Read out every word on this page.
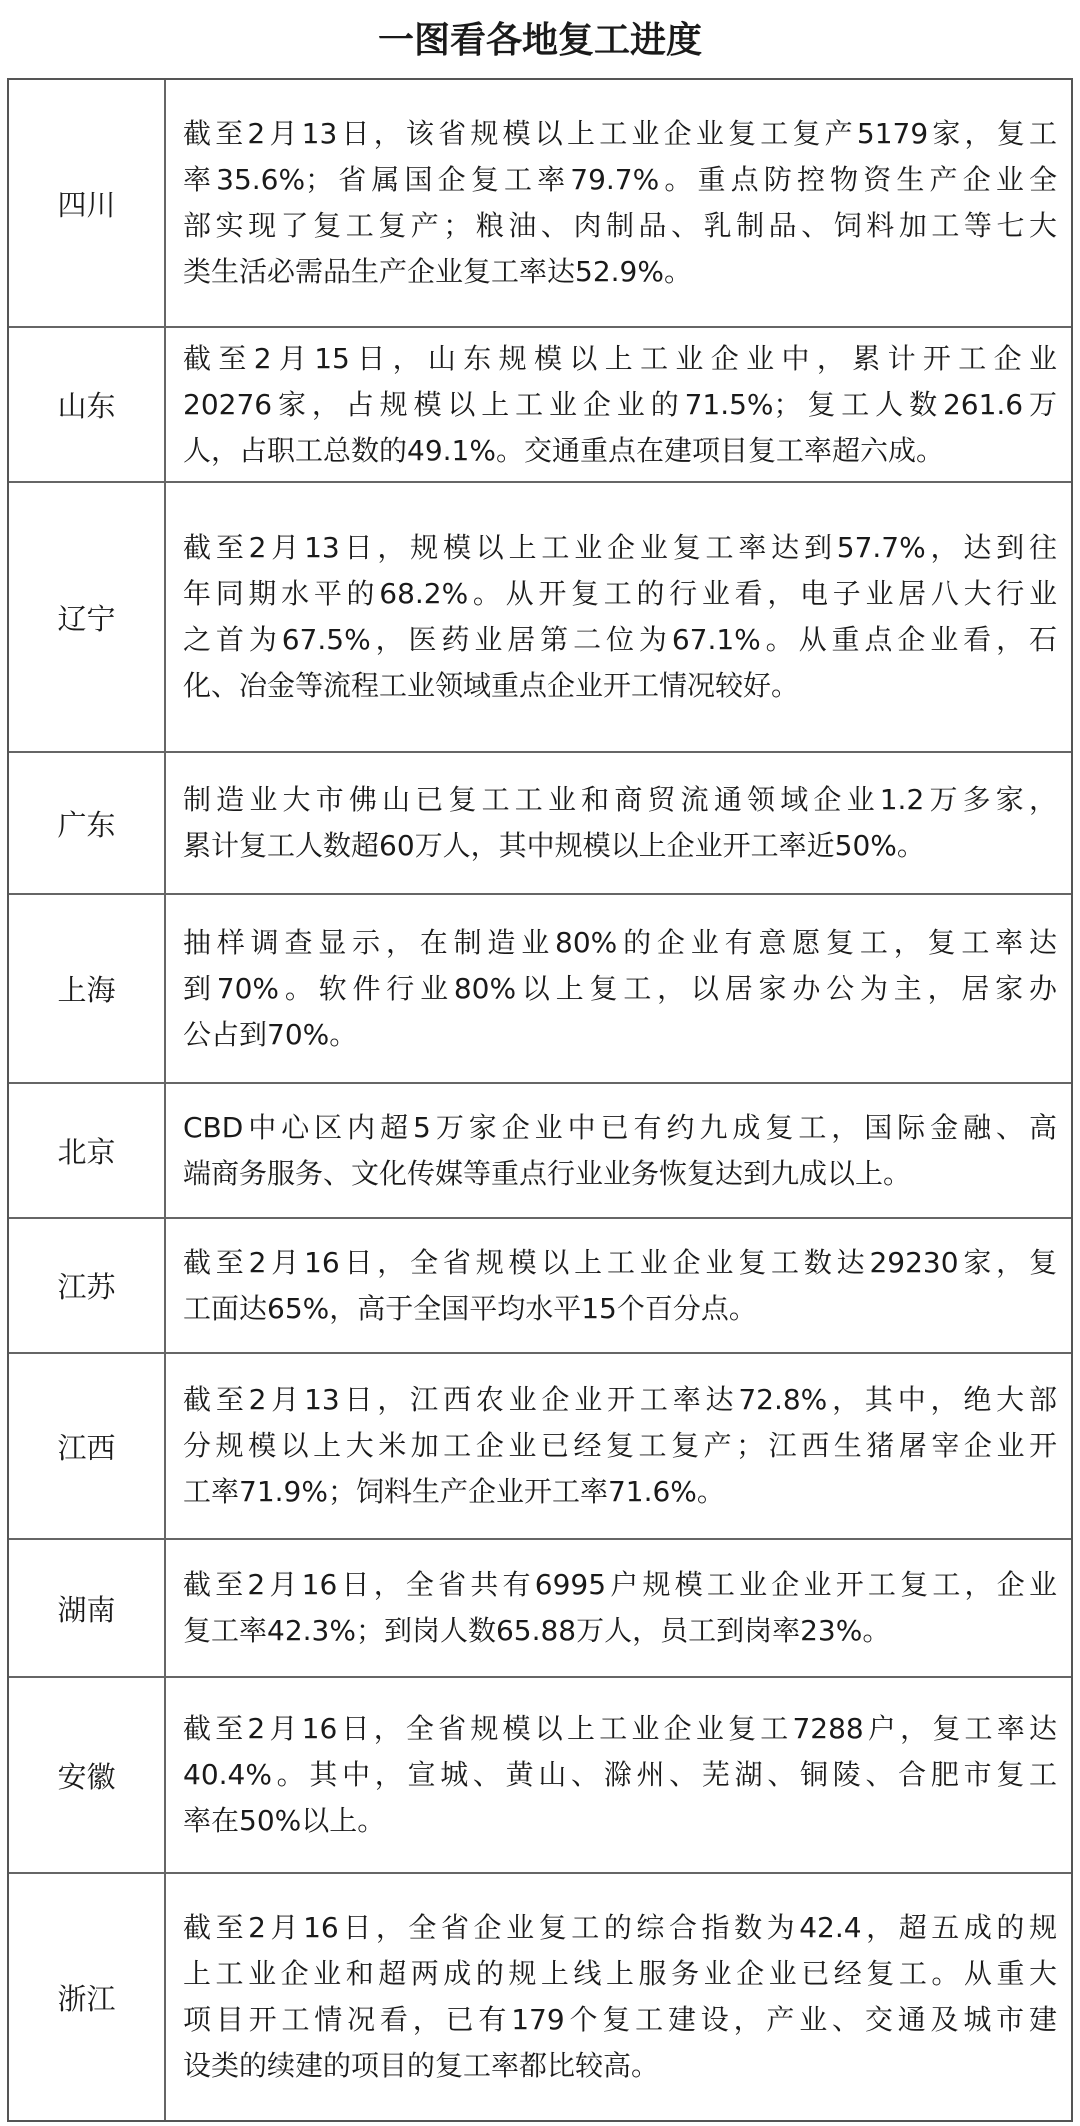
一图看各地复工进度
四川
截至2月13日，该省规模以上工业企业复工复产5179家，复工
率35.6%；省属国企复工率79.7%。重点防控物资生产企业全
部实现了复工复产；粮油、肉制品、乳制品、饲料加工等七大
类生活必需品生产企业复工率达52.9%。
山东
截至2月15日，山东规模以上工业企业中，累计开工企业
20276家，占规模以上工业企业的71.5%；复工人数261.6万
人，占职工总数的49.1%。交通重点在建项目复工率超六成。
辽宁
截至2月13日，规模以上工业企业复工率达到57.7%，达到往
年同期水平的68.2%。从开复工的行业看，电子业居八大行业
之首为67.5%，医药业居第二位为67.1%。从重点企业看，石
化、冶金等流程工业领域重点企业开工情况较好。
广东
制造业大市佛山已复工工业和商贸流通领域企业1.2万多家，
累计复工人数超60万人，其中规模以上企业开工率近50%。
上海
抽样调查显示，在制造业80%的企业有意愿复工，复工率达
到70%。软件行业80%以上复工，以居家办公为主，居家办
公占到70%。
北京
CBD中心区内超5万家企业中已有约九成复工，国际金融、高
端商务服务、文化传媒等重点行业业务恢复达到九成以上。
江苏
截至2月16日，全省规模以上工业企业复工数达29230家，复
工面达65%，高于全国平均水平15个百分点。
江西
截至2月13日，江西农业企业开工率达72.8%，其中，绝大部
分规模以上大米加工企业已经复工复产；江西生猪屠宰企业开
工率71.9%；饲料生产企业开工率71.6%。
湖南
截至2月16日，全省共有6995户规模工业企业开工复工，企业
复工率42.3%；到岗人数65.88万人，员工到岗率23%。
安徽
截至2月16日，全省规模以上工业企业复工7288户，复工率达
40.4%。其中，宣城、黄山、滁州、芜湖、铜陵、合肥市复工
率在50%以上。
浙江
截至2月16日，全省企业复工的综合指数为42.4，超五成的规
上工业企业和超两成的规上线上服务业企业已经复工。从重大
项目开工情况看，已有179个复工建设，产业、交通及城市建
设类的续建的项目的复工率都比较高。
